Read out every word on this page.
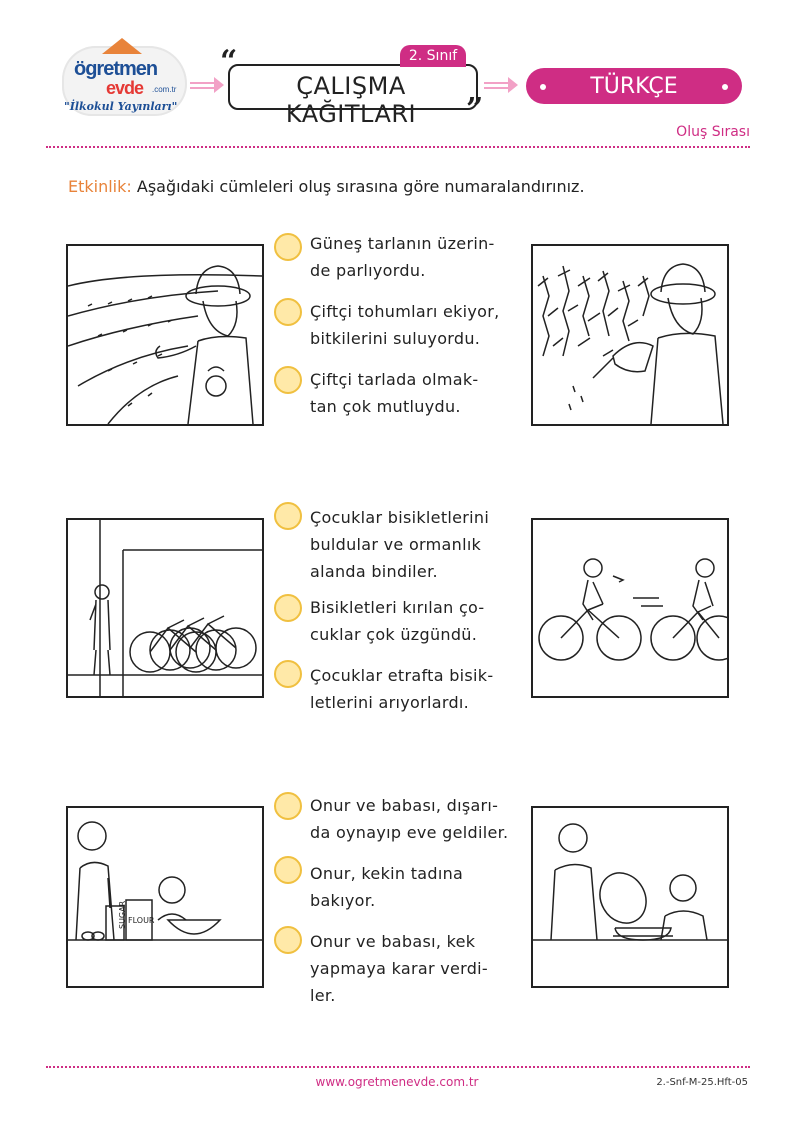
ögretmen
evde .com.tr
"İlkokul Yayınları"
“
ÇALIŞMA KAĞITLARI	”
2. Sınıf
TÜRKÇE
Oluş Sırası
Etkinlik: Aşağıdaki cümleleri oluş sırasına göre numaralandırınız.
Güneş tarlanın üzerin-
de parlıyordu.
Çiftçi tohumları ekiyor,
bitkilerini suluyordu.
Çiftçi tarlada olmak-
tan çok mutluydu.
Çocuklar bisikletlerini
buldular ve ormanlık
alanda bindiler.
Bisikletleri kırılan ço-
cuklar çok üzgündü.
Çocuklar etrafta bisik-
letlerini arıyorlardı.
SUGAR FLOUR
Onur ve babası, dışarı-
da oynayıp eve geldiler.
Onur, kekin tadına
bakıyor.
Onur ve babası, kek
yapmaya karar verdi-
ler.
www.ogretmenevde.com.tr	2.-Snf-M-25.Hft-05
